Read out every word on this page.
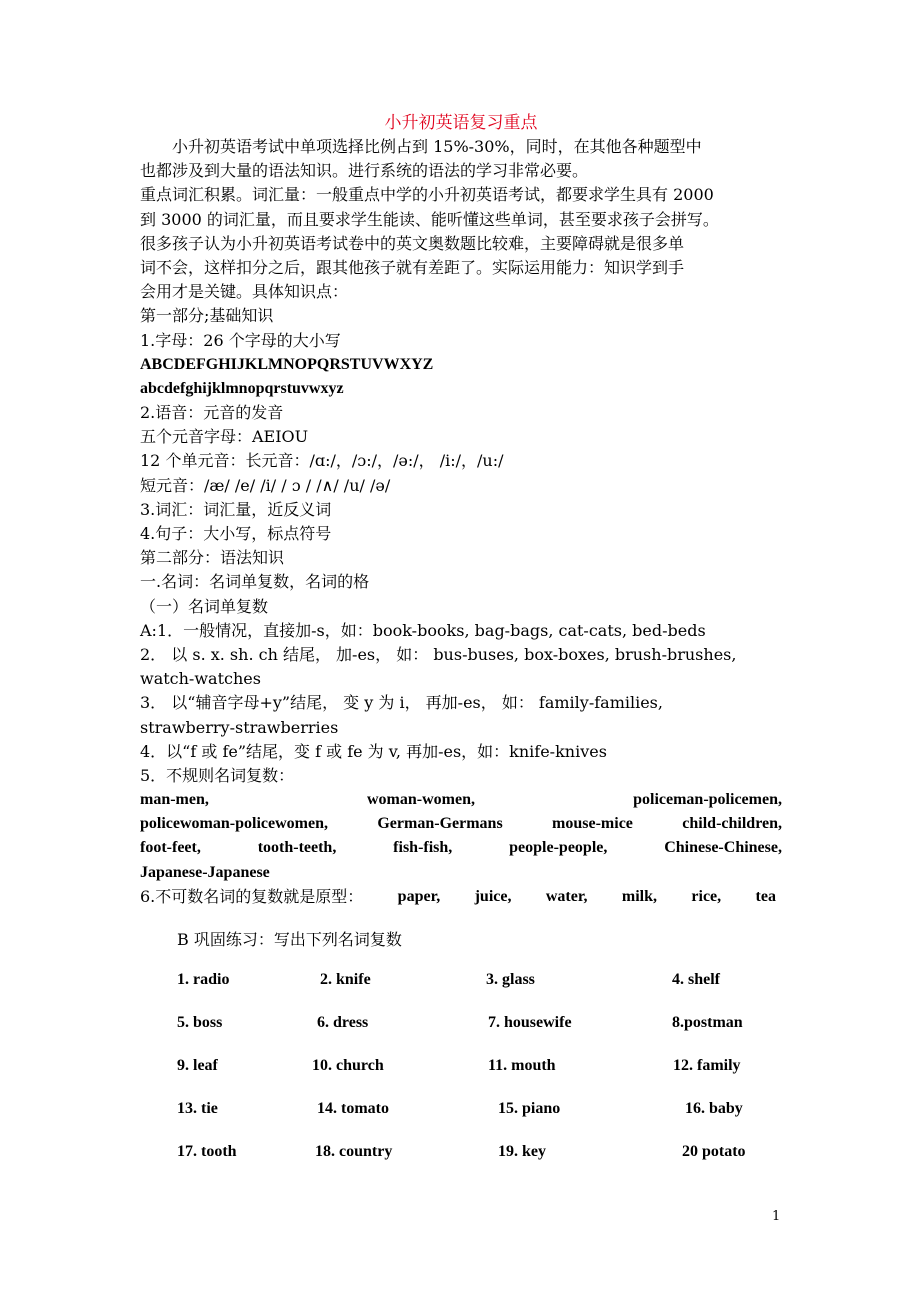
小升初英语复习重点
小升初英语考试中单项选择比例占到 15%-30%，同时，在其他各种题型中
也都涉及到大量的语法知识。进行系统的语法的学习非常必要。
重点词汇积累。词汇量：一般重点中学的小升初英语考试，都要求学生具有 2000
到 3000 的词汇量，而且要求学生能读、能听懂这些单词，甚至要求孩子会拼写。
很多孩子认为小升初英语考试卷中的英文奥数题比较难，主要障碍就是很多单
词不会，这样扣分之后，跟其他孩子就有差距了。实际运用能力：知识学到手
会用才是关键。具体知识点：
第一部分;基础知识
1.字母：26 个字母的大小写
ABCDEFGHIJKLMNOPQRSTUVWXYZ
abcdefghijklmnopqrstuvwxyz
2.语音：元音的发音
五个元音字母：AEIOU
12 个单元音：长元音：/ɑ:/，/ɔ:/，/ə:/， /i:/，/u:/
短元音：/æ/ /e/ /i/ / ɔ / /∧/ /u/ /ə/
3.词汇：词汇量，近反义词
4.句子：大小写，标点符号
第二部分：语法知识
一.名词：名词单复数，名词的格
（一）名词单复数
A:1．一般情况，直接加-s，如：book-books, bag-bags, cat-cats, bed-beds
2． 以 s. x. sh. ch 结尾， 加-es， 如： bus-buses, box-boxes, brush-brushes,
watch-watches
3． 以“辅音字母+y”结尾， 变 y 为 i， 再加-es， 如： family-families,
strawberry-strawberries
4．以“f 或 fe”结尾，变 f 或 fe 为 v, 再加-es，如：knife-knives
5．不规则名词复数：
man-men,	woman-women,	policeman-policemen,
policewoman-policewomen,	German-Germans	mouse-mice	child-children,
foot-feet,	tooth-teeth,	fish-fish,	people-people,	Chinese-Chinese,
Japanese-Japanese
6.不可数名词的复数就是原型： paper, juice, water, milk, rice, tea
B 巩固练习：写出下列名词复数
1. radio	2. knife	3. glass	4. shelf
5. boss	6. dress	7. housewife	8.postman
9. leaf	10. church	11. mouth	12. family
13. tie	14. tomato	15. piano	16. baby
17. tooth	18. country	19. key	20 potato
1
